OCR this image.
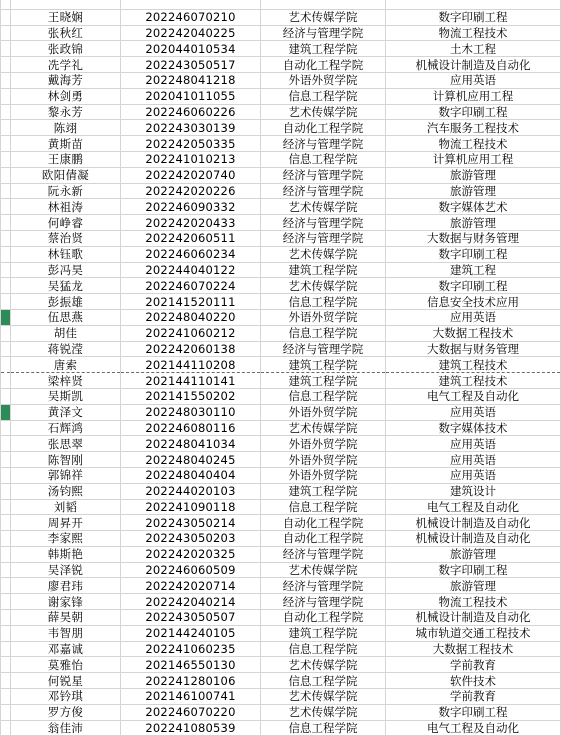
	王晓娴	202246070210	艺术传媒学院	数字印刷工程
	张秋红	202242040225	经济与管理学院	物流工程技术
	张政锦	202044010534	建筑工程学院	土木工程
	冼学礼	202243050517	自动化工程学院	机械设计制造及自动化
	戴海芳	202248041218	外语外贸学院	应用英语
	林剑勇	202041011055	信息工程学院	计算机应用工程
	黎永芳	202246060226	艺术传媒学院	数字印刷工程
	陈翊	202243030139	自动化工程学院	汽车服务工程技术
	黄斯苗	202242050335	经济与管理学院	物流工程技术
	王康鹏	202241010213	信息工程学院	计算机应用工程
	欧阳倩凝	202242020740	经济与管理学院	旅游管理
	阮永新	202242020226	经济与管理学院	旅游管理
	林祖涛	202246090332	艺术传媒学院	数字媒体艺术
	何峥睿	202242020433	经济与管理学院	旅游管理
	蔡治贤	202242060511	经济与管理学院	大数据与财务管理
	林钰歌	202246060234	艺术传媒学院	数字印刷工程
	彭冯昊	202244040122	建筑工程学院	建筑工程
	吴猛龙	202246070224	艺术传媒学院	数字印刷工程
	彭振雄	202141520111	信息工程学院	信息安全技术应用
	伍思燕	202248040220	外语外贸学院	应用英语
	胡佳	202241060212	信息工程学院	大数据工程技术
	蒋锐滢	202242060138	经济与管理学院	大数据与财务管理
	唐索	202144110208	建筑工程学院	建筑工程技术
	梁梓贤	202144110141	建筑工程学院	建筑工程技术
	吴斯凯	202141550202	信息工程学院	电气工程及自动化
	黄泽文	202248030110	外语外贸学院	应用英语
	石辉鸿	202246080116	艺术传媒学院	数字媒体技术
	张思翠	202248041034	外语外贸学院	应用英语
	陈智刚	202248040245	外语外贸学院	应用英语
	郭锦祥	202248040404	外语外贸学院	应用英语
	汤钧熙	202244020103	建筑工程学院	建筑设计
	刘韬	202241090118	信息工程学院	电气工程及自动化
	周昇开	202243050214	自动化工程学院	机械设计制造及自动化
	李家熙	202243050203	自动化工程学院	机械设计制造及自动化
	韩斯艳	202242020325	经济与管理学院	旅游管理
	吴泽锐	202246060509	艺术传媒学院	数字印刷工程
	廖君玮	202242020714	经济与管理学院	旅游管理
	谢家锋	202242040214	经济与管理学院	物流工程技术
	薛昊朝	202243050507	自动化工程学院	机械设计制造及自动化
	韦智朋	202144240105	建筑工程学院	城市轨道交通工程技术
	邓嘉诚	202241060235	信息工程学院	大数据工程技术
	莫雅怡	202146550130	艺术传媒学院	学前教育
	何锐星	202241280106	信息工程学院	软件技术
	邓钤琪	202146100741	艺术传媒学院	学前教育
	罗方俊	202246070220	艺术传媒学院	数字印刷工程
	翁佳沛	202241080539	信息工程学院	电气工程及自动化
